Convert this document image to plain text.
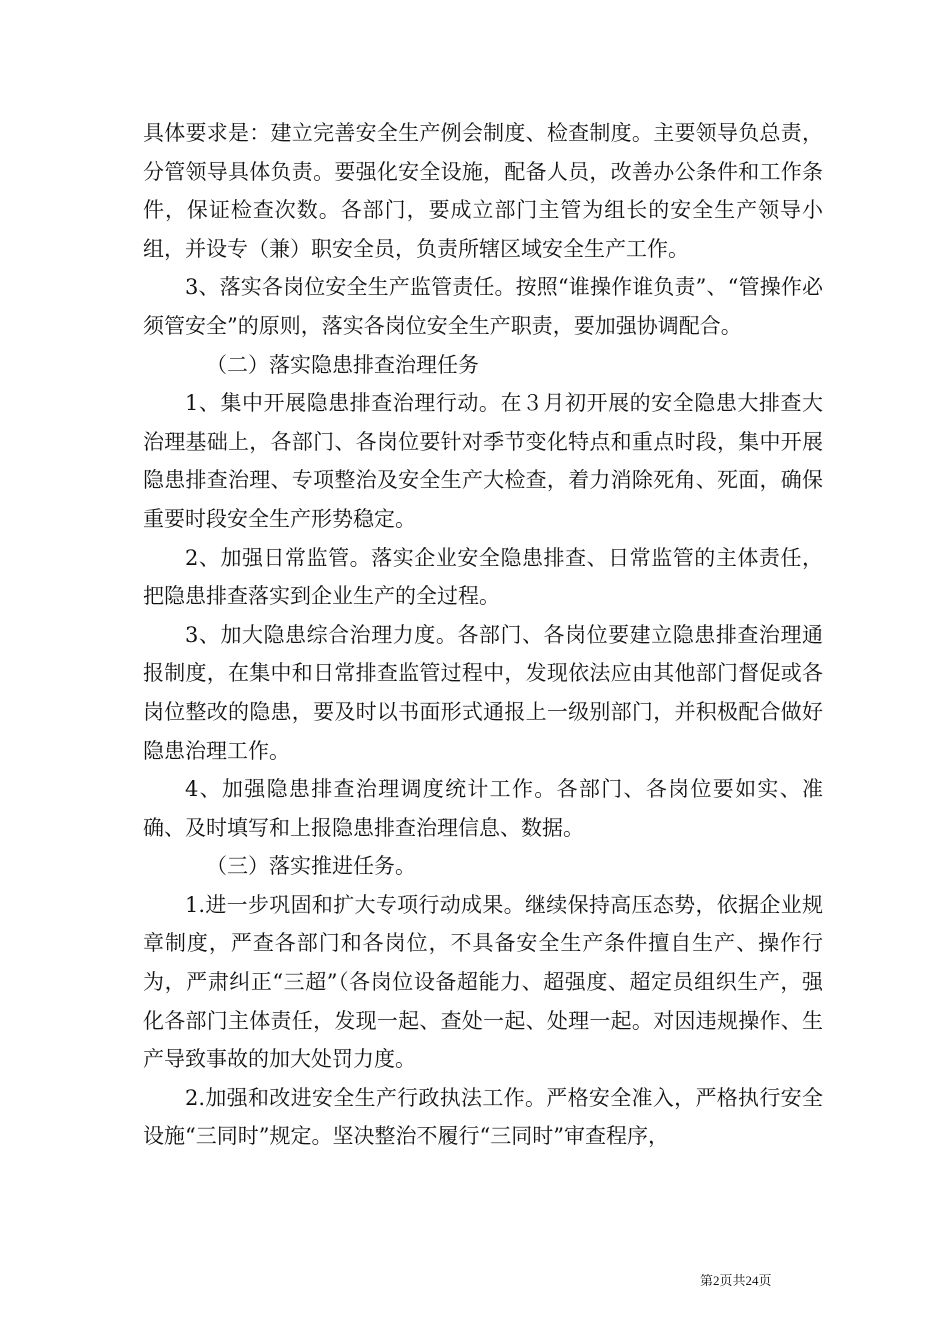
具体要求是：建立完善安全生产例会制度、检查制度。主要领导负总责，分管领导具体负责。要强化安全设施，配备人员，改善办公条件和工作条件，保证检查次数。各部门，要成立部门主管为组长的安全生产领导小组，并设专（兼）职安全员，负责所辖区域安全生产工作。

3、落实各岗位安全生产监管责任。按照“谁操作谁负责”、“管操作必须管安全”的原则，落实各岗位安全生产职责，要加强协调配合。

（二）落实隐患排查治理任务

1、集中开展隐患排查治理行动。在３月初开展的安全隐患大排查大治理基础上，各部门、各岗位要针对季节变化特点和重点时段，集中开展隐患排查治理、专项整治及安全生产大检查，着力消除死角、死面，确保重要时段安全生产形势稳定。

2、加强日常监管。落实企业安全隐患排查、日常监管的主体责任，把隐患排查落实到企业生产的全过程。

3、加大隐患综合治理力度。各部门、各岗位要建立隐患排查治理通报制度，在集中和日常排查监管过程中，发现依法应由其他部门督促或各岗位整改的隐患，要及时以书面形式通报上一级别部门，并积极配合做好隐患治理工作。

4、加强隐患排查治理调度统计工作。各部门、各岗位要如实、准确、及时填写和上报隐患排查治理信息、数据。

（三）落实推进任务。

1.进一步巩固和扩大专项行动成果。继续保持高压态势，依据企业规章制度，严查各部门和各岗位，不具备安全生产条件擅自生产、操作行为，严肃纠正“三超”（各岗位设备超能力、超强度、超定员组织生产，强化各部门主体责任，发现一起、查处一起、处理一起。对因违规操作、生产导致事故的加大处罚力度。

2.加强和改进安全生产行政执法工作。严格安全准入，严格执行安全设施“三同时”规定。坚决整治不履行“三同时”审查程序，

第2页共24页
